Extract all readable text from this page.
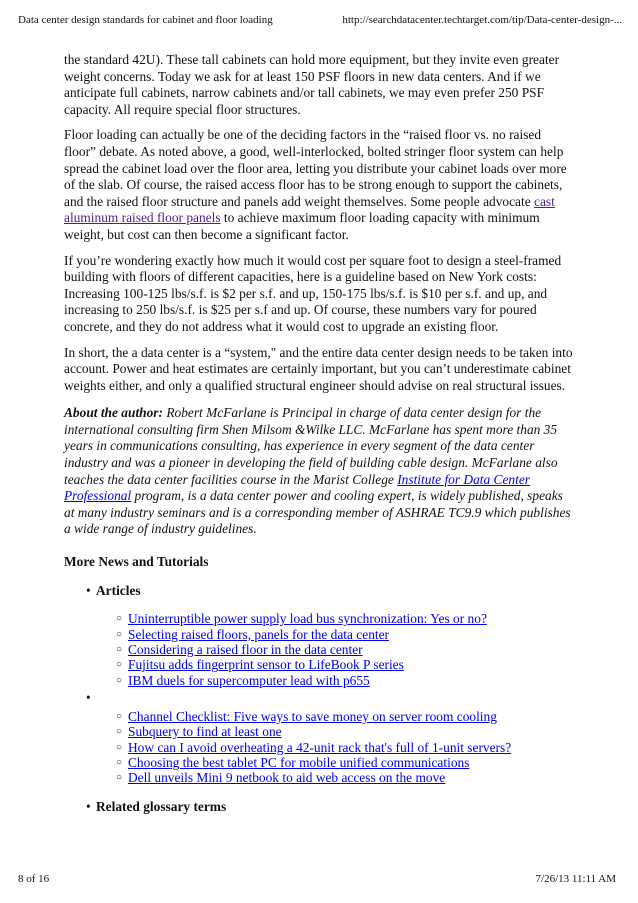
Data center design standards for cabinet and floor loading	http://searchdatacenter.techtarget.com/tip/Data-center-design-...

the standard 42U). These tall cabinets can hold more equipment, but they invite even greater weight concerns. Today we ask for at least 150 PSF floors in new data centers. And if we anticipate full cabinets, narrow cabinets and/or tall cabinets, we may even prefer 250 PSF capacity. All require special floor structures.

Floor loading can actually be one of the deciding factors in the “raised floor vs. no raised floor” debate. As noted above, a good, well-interlocked, bolted stringer floor system can help spread the cabinet load over the floor area, letting you distribute your cabinet loads over more of the slab. Of course, the raised access floor has to be strong enough to support the cabinets, and the raised floor structure and panels add weight themselves. Some people advocate cast aluminum raised floor panels to achieve maximum floor loading capacity with minimum weight, but cost can then become a significant factor.

If you’re wondering exactly how much it would cost per square foot to design a steel-framed building with floors of different capacities, here is a guideline based on New York costs: Increasing 100-125 lbs/s.f. is $2 per s.f. and up, 150-175 lbs/s.f. is $10 per s.f. and up, and increasing to 250 lbs/s.f. is $25 per s.f and up. Of course, these numbers vary for poured concrete, and they do not address what it would cost to upgrade an existing floor.

In short, the a data center is a “system," and the entire data center design needs to be taken into account. Power and heat estimates are certainly important, but you can’t underestimate cabinet weights either, and only a qualified structural engineer should advise on real structural issues.

About the author: Robert McFarlane is Principal in charge of data center design for the international consulting firm Shen Milsom &Wilke LLC. McFarlane has spent more than 35 years in communications consulting, has experience in every segment of the data center industry and was a pioneer in developing the field of building cable design. McFarlane also teaches the data center facilities course in the Marist College Institute for Data Center Professional program, is a data center power and cooling expert, is widely published, speaks at many industry seminars and is a corresponding member of ASHRAE TC9.9 which publishes a wide range of industry guidelines.

More News and Tutorials
• Articles
○ Uninterruptible power supply load bus synchronization: Yes or no?
○ Selecting raised floors, panels for the data center
○ Considering a raised floor in the data center
○ Fujitsu adds fingerprint sensor to LifeBook P series
○ IBM duels for supercomputer lead with p655
•

○ Channel Checklist: Five ways to save money on server room cooling
○ Subquery to find at least one
○ How can I avoid overheating a 42-unit rack that's full of 1-unit servers?
○ Choosing the best tablet PC for mobile unified communications
○ Dell unveils Mini 9 netbook to aid web access on the move
• Related glossary terms
8 of 16	7/26/13 11:11 AM
